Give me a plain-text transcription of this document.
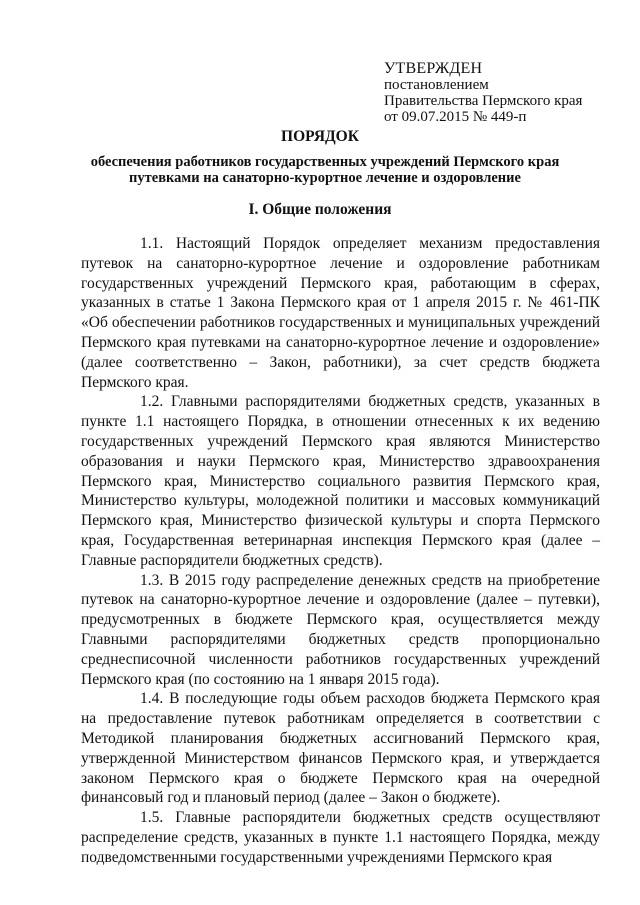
УТВЕРЖДЕН
постановлением
Правительства Пермского края
от 09.07.2015 № 449-п
ПОРЯДОК
обеспечения работников государственных учреждений Пермского края путевками на санаторно-курортное лечение и оздоровление
I. Общие положения

1.1. Настоящий Порядок определяет механизм предоставления путевок на санаторно-курортное лечение и оздоровление работникам государственных учреждений Пермского края, работающим в сферах, указанных в статье 1 Закона Пермского края от 1 апреля 2015 г. № 461-ПК «Об обеспечении работников государственных и муниципальных учреждений Пермского края путевками на санаторно-курортное лечение и оздоровление» (далее соответственно – Закон, работники), за счет средств бюджета Пермского края.

1.2. Главными распорядителями бюджетных средств, указанных в пункте 1.1 настоящего Порядка, в отношении отнесенных к их ведению государственных учреждений Пермского края являются Министерство образования и науки Пермского края, Министерство здравоохранения Пермского края, Министерство социального развития Пермского края, Министерство культуры, молодежной политики и массовых коммуникаций Пермского края, Министерство физической культуры и спорта Пермского края, Государственная ветеринарная инспекция Пермского края (далее – Главные распорядители бюджетных средств).

1.3. В 2015 году распределение денежных средств на приобретение путевок на санаторно-курортное лечение и оздоровление (далее – путевки), предусмотренных в бюджете Пермского края, осуществляется между Главными распорядителями бюджетных средств пропорционально среднесписочной численности работников государственных учреждений Пермского края (по состоянию на 1 января 2015 года).

1.4. В последующие годы объем расходов бюджета Пермского края на предоставление путевок работникам определяется в соответствии с Методикой планирования бюджетных ассигнований Пермского края, утвержденной Министерством финансов Пермского края, и утверждается законом Пермского края о бюджете Пермского края на очередной финансовый год и плановый период (далее – Закон о бюджете).

1.5. Главные распорядители бюджетных средств осуществляют распределение средств, указанных в пункте 1.1 настоящего Порядка, между подведомственными государственными учреждениями Пермского края
